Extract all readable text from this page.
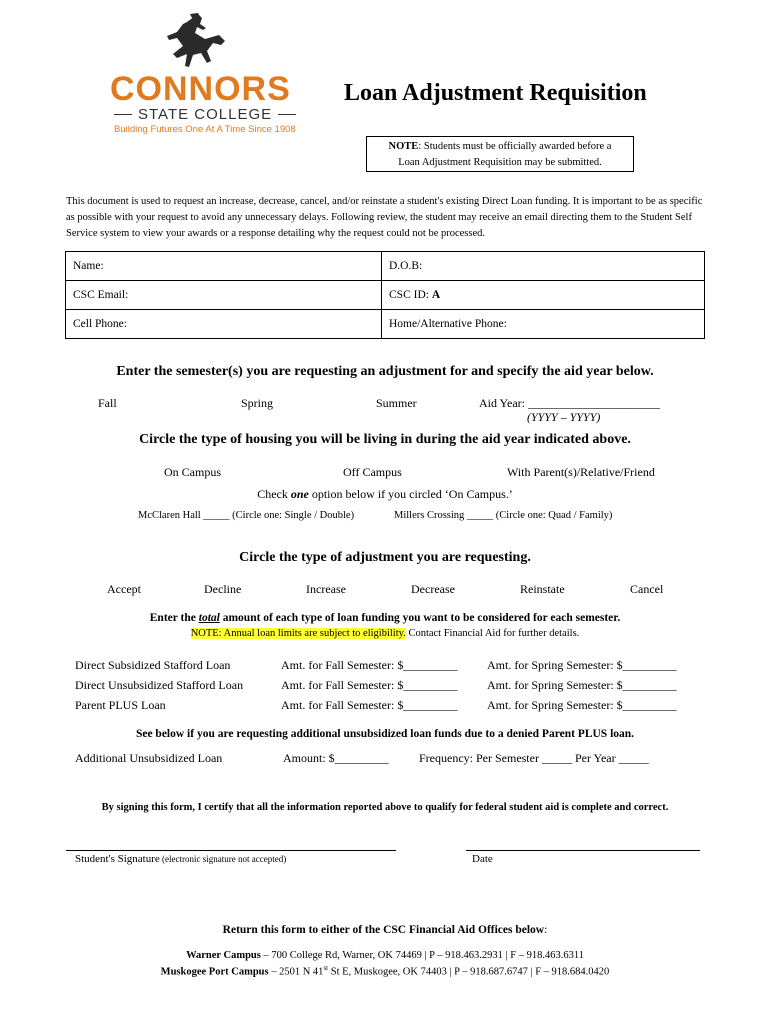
CONNORS
STATE COLLEGE
Building Futures One At A Time Since 1908
Loan Adjustment Requisition
NOTE: Students must be officially awarded before a
Loan Adjustment Requisition may be submitted.
This document is used to request an increase, decrease, cancel, and/or reinstate a student's existing Direct Loan funding. It is important to be as specific as possible with your request to avoid any unnecessary delays. Following review, the student may receive an email directing them to the Student Self Service system to view your awards or a response detailing why the request could not be processed.
Name:	D.O.B:
CSC Email:	CSC ID: A
Cell Phone:	Home/Alternative Phone:
Enter the semester(s) you are requesting an adjustment for and specify the aid year below.
Fall	Spring	Summer	Aid Year: ______________________
(YYYY – YYYY)
Circle the type of housing you will be living in during the aid year indicated above.
On Campus	Off Campus	With Parent(s)/Relative/Friend
Check one option below if you circled ‘On Campus.’
McClaren Hall _____ (Circle one: Single / Double)	Millers Crossing _____ (Circle one: Quad / Family)
Circle the type of adjustment you are requesting.
Accept	Decline	Increase	Decrease	Reinstate	Cancel
Enter the total amount of each type of loan funding you want to be considered for each semester.
NOTE: Annual loan limits are subject to eligibility. Contact Financial Aid for further details.
Direct Subsidized Stafford Loan	Amt. for Fall Semester: $_________ Amt. for Spring Semester: $_________
Direct Unsubsidized Stafford Loan	Amt. for Fall Semester: $_________ Amt. for Spring Semester: $_________
Parent PLUS Loan	Amt. for Fall Semester: $_________ Amt. for Spring Semester: $_________
See below if you are requesting additional unsubsidized loan funds due to a denied Parent PLUS loan.
Additional Unsubsidized Loan	Amount: $_________	Frequency: Per Semester _____ Per Year _____
By signing this form, I certify that all the information reported above to qualify for federal student aid is complete and correct.
Student's Signature (electronic signature not accepted)	Date
Return this form to either of the CSC Financial Aid Offices below:
Warner Campus – 700 College Rd, Warner, OK 74469 | P – 918.463.2931 | F – 918.463.6311
Muskogee Port Campus – 2501 N 41st St E, Muskogee, OK 74403 | P – 918.687.6747 | F – 918.684.0420
